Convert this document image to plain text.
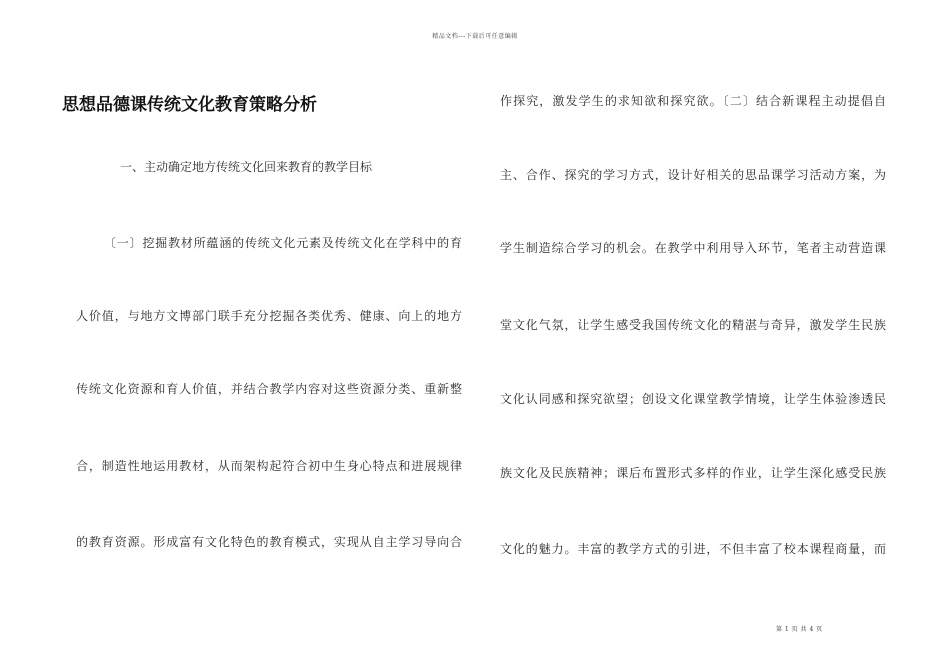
精品文档---下载后可任意编辑
思想品德课传统文化教育策略分析
一、主动确定地方传统文化回来教育的教学目标
〔一〕挖掘教材所蕴涵的传统文化元素及传统文化在学科中的育
人价值，与地方文博部门联手充分挖掘各类优秀、健康、向上的地方
传统文化资源和育人价值，并结合教学内容对这些资源分类、重新整
合，制造性地运用教材，从而架构起符合初中生身心特点和进展规律
的教育资源。形成富有文化特色的教育模式，实现从自主学习导向合
作探究，激发学生的求知欲和探究欲。〔二〕结合新课程主动提倡自
主、合作、探究的学习方式，设计好相关的思品课学习活动方案，为
学生制造综合学习的机会。在教学中利用导入环节，笔者主动营造课
堂文化气氛，让学生感受我国传统文化的精湛与奇异，激发学生民族
文化认同感和探究欲望；创设文化课堂教学情境，让学生体验渗透民
族文化及民族精神；课后布置形式多样的作业，让学生深化感受民族
文化的魅力。丰富的教学方式的引进，不但丰富了校本课程商量，而
第 1 页 共 4 页
